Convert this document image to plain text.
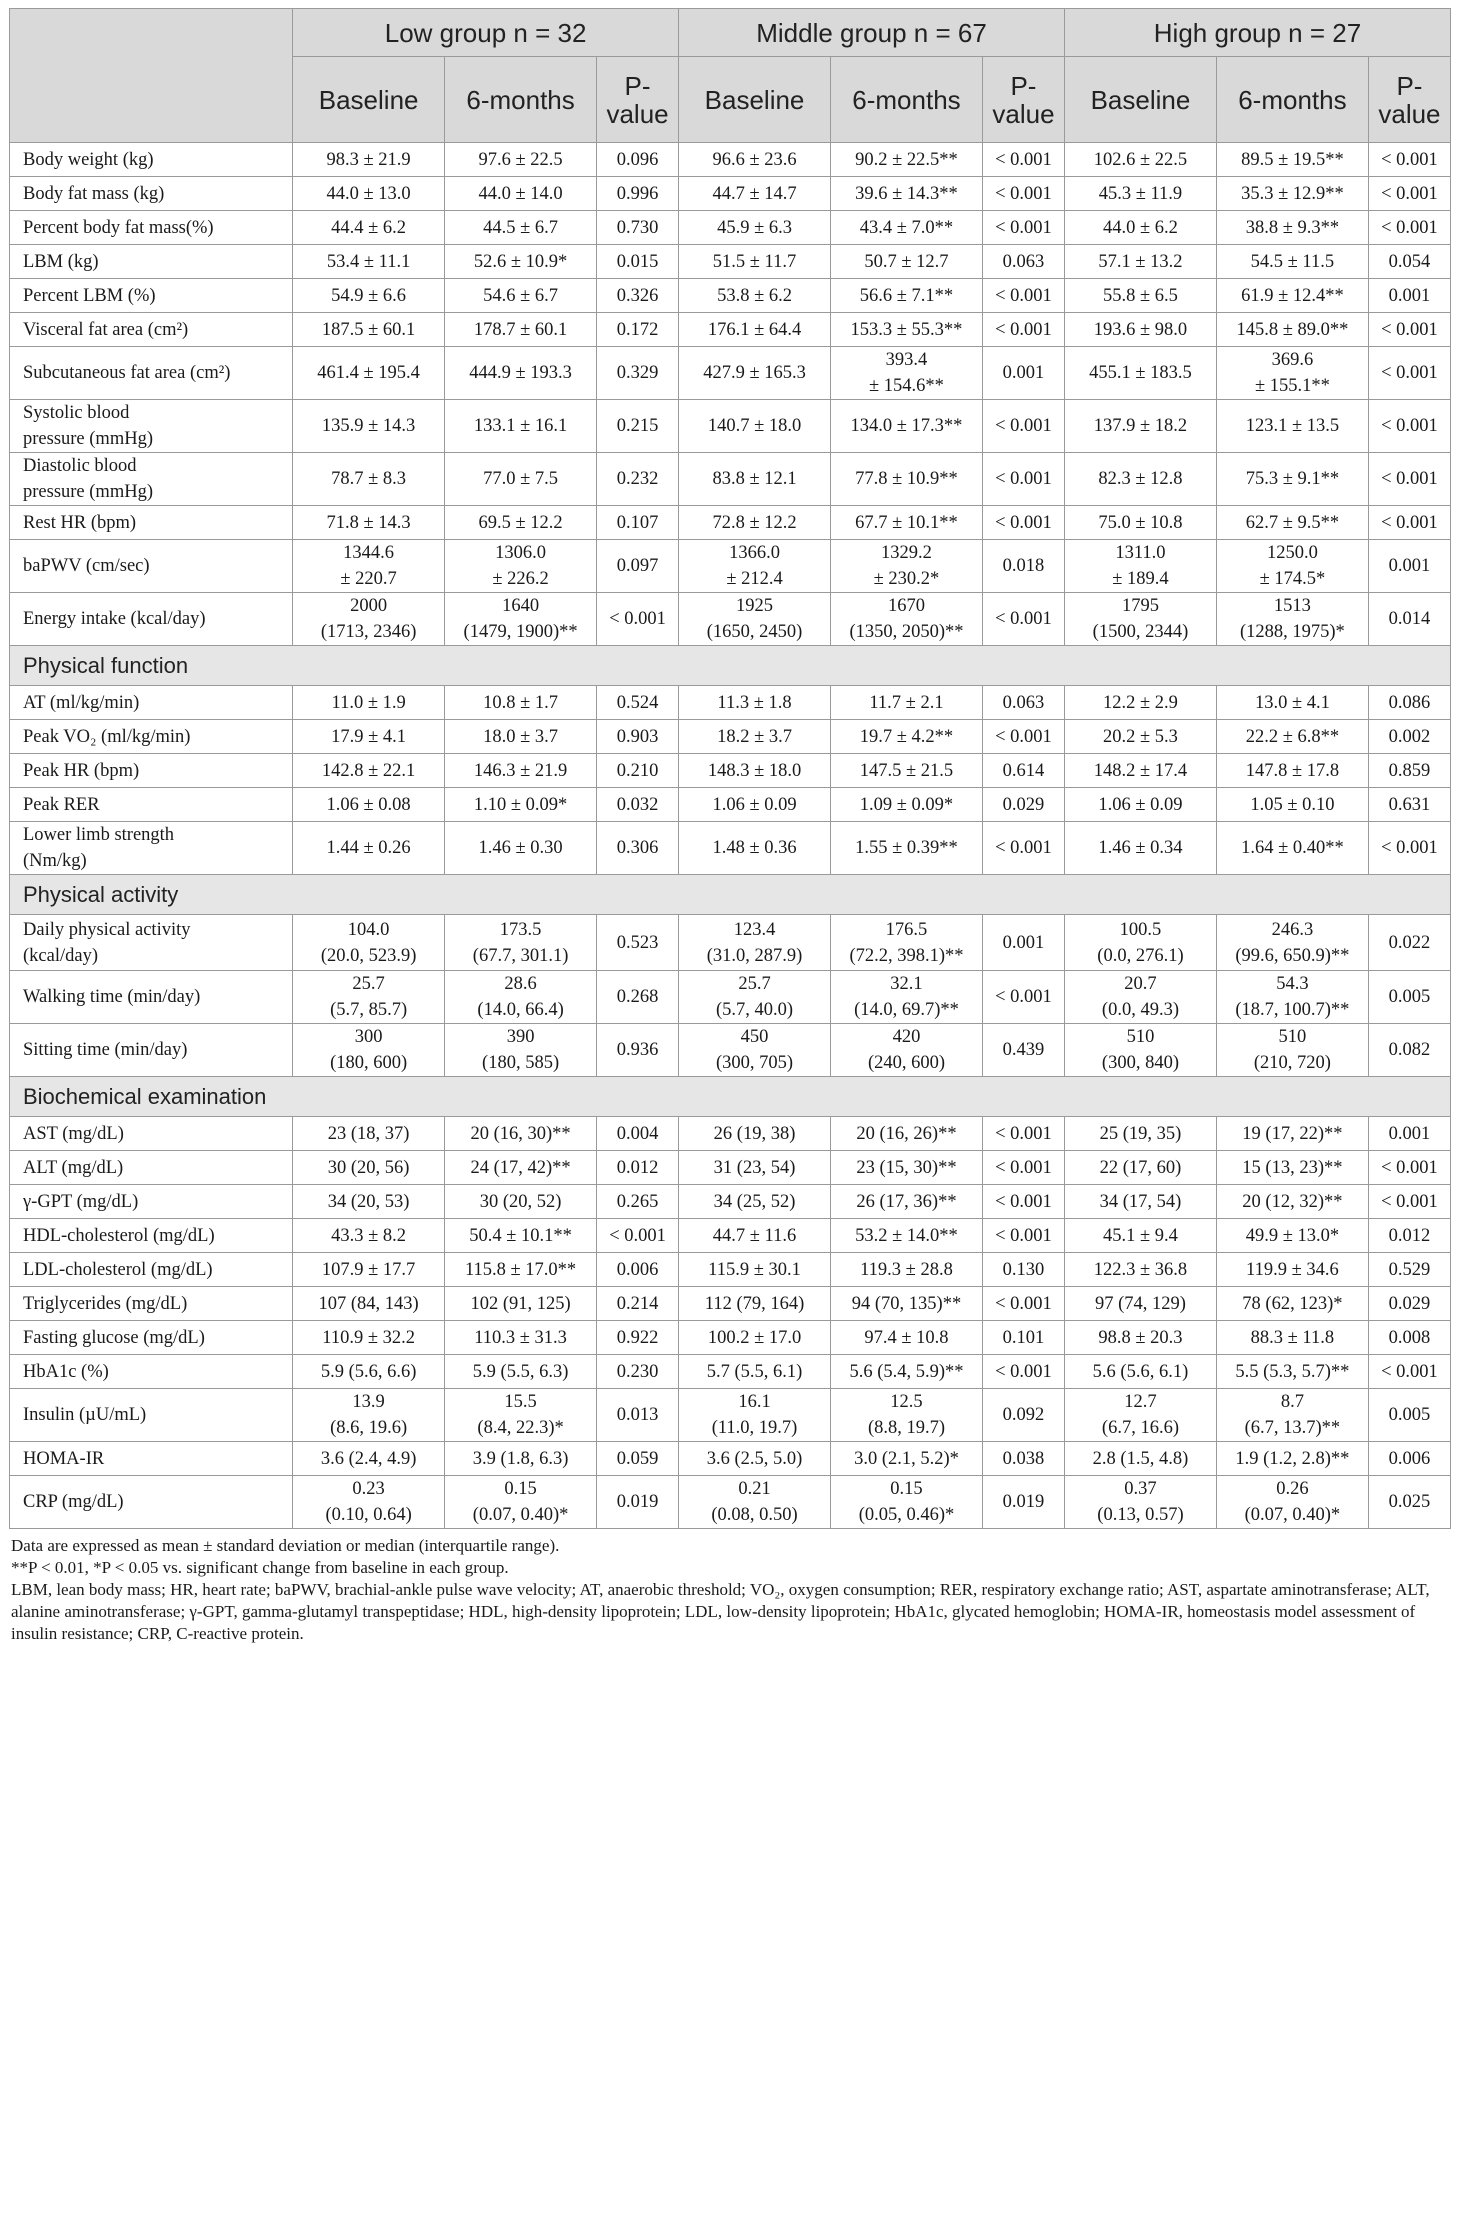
	Low group n = 32			Middle group n = 67			High group n = 27		
	Baseline	6-months	P-value	Baseline	6-months	P-value	Baseline	6-months	P-value
Body weight (kg)	98.3 ± 21.9	97.6 ± 22.5	0.096	96.6 ± 23.6	90.2 ± 22.5**	< 0.001	102.6 ± 22.5	89.5 ± 19.5**	< 0.001
Body fat mass (kg)	44.0 ± 13.0	44.0 ± 14.0	0.996	44.7 ± 14.7	39.6 ± 14.3**	< 0.001	45.3 ± 11.9	35.3 ± 12.9**	< 0.001
Percent body fat mass(%)	44.4 ± 6.2	44.5 ± 6.7	0.730	45.9 ± 6.3	43.4 ± 7.0**	< 0.001	44.0 ± 6.2	38.8 ± 9.3**	< 0.001
LBM (kg)	53.4 ± 11.1	52.6 ± 10.9*	0.015	51.5 ± 11.7	50.7 ± 12.7	0.063	57.1 ± 13.2	54.5 ± 11.5	0.054
Percent LBM (%)	54.9 ± 6.6	54.6 ± 6.7	0.326	53.8 ± 6.2	56.6 ± 7.1**	< 0.001	55.8 ± 6.5	61.9 ± 12.4**	0.001
Visceral fat area (cm²)	187.5 ± 60.1	178.7 ± 60.1	0.172	176.1 ± 64.4	153.3 ± 55.3**	< 0.001	193.6 ± 98.0	145.8 ± 89.0**	< 0.001
Subcutaneous fat area (cm²)	461.4 ± 195.4	444.9 ± 193.3	0.329	427.9 ± 165.3	393.4
± 154.6**	0.001	455.1 ± 183.5	369.6
± 155.1**	< 0.001
Systolic blood
pressure (mmHg)	135.9 ± 14.3	133.1 ± 16.1	0.215	140.7 ± 18.0	134.0 ± 17.3**	< 0.001	137.9 ± 18.2	123.1 ± 13.5	< 0.001
Diastolic blood
pressure (mmHg)	78.7 ± 8.3	77.0 ± 7.5	0.232	83.8 ± 12.1	77.8 ± 10.9**	< 0.001	82.3 ± 12.8	75.3 ± 9.1**	< 0.001
Rest HR (bpm)	71.8 ± 14.3	69.5 ± 12.2	0.107	72.8 ± 12.2	67.7 ± 10.1**	< 0.001	75.0 ± 10.8	62.7 ± 9.5**	< 0.001
baPWV (cm/sec)	1344.6
± 220.7	1306.0
± 226.2	0.097	1366.0
± 212.4	1329.2
± 230.2*	0.018	1311.0
± 189.4	1250.0
± 174.5*	0.001
Energy intake (kcal/day)	2000
(1713, 2346)	1640
(1479, 1900)**	< 0.001	1925
(1650, 2450)	1670
(1350, 2050)**	< 0.001	1795
(1500, 2344)	1513
(1288, 1975)*	0.014
Physical function									
AT (ml/kg/min)	11.0 ± 1.9	10.8 ± 1.7	0.524	11.3 ± 1.8	11.7 ± 2.1	0.063	12.2 ± 2.9	13.0 ± 4.1	0.086
Peak VO₂ (ml/kg/min)	17.9 ± 4.1	18.0 ± 3.7	0.903	18.2 ± 3.7	19.7 ± 4.2**	< 0.001	20.2 ± 5.3	22.2 ± 6.8**	0.002
Peak HR (bpm)	142.8 ± 22.1	146.3 ± 21.9	0.210	148.3 ± 18.0	147.5 ± 21.5	0.614	148.2 ± 17.4	147.8 ± 17.8	0.859
Peak RER	1.06 ± 0.08	1.10 ± 0.09*	0.032	1.06 ± 0.09	1.09 ± 0.09*	0.029	1.06 ± 0.09	1.05 ± 0.10	0.631
Lower limb strength
(Nm/kg)	1.44 ± 0.26	1.46 ± 0.30	0.306	1.48 ± 0.36	1.55 ± 0.39**	< 0.001	1.46 ± 0.34	1.64 ± 0.40**	< 0.001
Physical activity									
Daily physical activity
(kcal/day)	104.0
(20.0, 523.9)	173.5
(67.7, 301.1)	0.523	123.4
(31.0, 287.9)	176.5
(72.2, 398.1)**	0.001	100.5
(0.0, 276.1)	246.3
(99.6, 650.9)**	0.022
Walking time (min/day)	25.7
(5.7, 85.7)	28.6
(14.0, 66.4)	0.268	25.7
(5.7, 40.0)	32.1
(14.0, 69.7)**	< 0.001	20.7
(0.0, 49.3)	54.3
(18.7, 100.7)**	0.005
Sitting time (min/day)	300
(180, 600)	390
(180, 585)	0.936	450
(300, 705)	420
(240, 600)	0.439	510
(300, 840)	510
(210, 720)	0.082
Biochemical examination									
AST (mg/dL)	23 (18, 37)	20 (16, 30)**	0.004	26 (19, 38)	20 (16, 26)**	< 0.001	25 (19, 35)	19 (17, 22)**	0.001
ALT (mg/dL)	30 (20, 56)	24 (17, 42)**	0.012	31 (23, 54)	23 (15, 30)**	< 0.001	22 (17, 60)	15 (13, 23)**	< 0.001
γ-GPT (mg/dL)	34 (20, 53)	30 (20, 52)	0.265	34 (25, 52)	26 (17, 36)**	< 0.001	34 (17, 54)	20 (12, 32)**	< 0.001
HDL-cholesterol (mg/dL)	43.3 ± 8.2	50.4 ± 10.1**	< 0.001	44.7 ± 11.6	53.2 ± 14.0**	< 0.001	45.1 ± 9.4	49.9 ± 13.0*	0.012
LDL-cholesterol (mg/dL)	107.9 ± 17.7	115.8 ± 17.0**	0.006	115.9 ± 30.1	119.3 ± 28.8	0.130	122.3 ± 36.8	119.9 ± 34.6	0.529
Triglycerides (mg/dL)	107 (84, 143)	102 (91, 125)	0.214	112 (79, 164)	94 (70, 135)**	< 0.001	97 (74, 129)	78 (62, 123)*	0.029
Fasting glucose (mg/dL)	110.9 ± 32.2	110.3 ± 31.3	0.922	100.2 ± 17.0	97.4 ± 10.8	0.101	98.8 ± 20.3	88.3 ± 11.8	0.008
HbA1c (%)	5.9 (5.6, 6.6)	5.9 (5.5, 6.3)	0.230	5.7 (5.5, 6.1)	5.6 (5.4, 5.9)**	< 0.001	5.6 (5.6, 6.1)	5.5 (5.3, 5.7)**	< 0.001
Insulin (µU/mL)	13.9
(8.6, 19.6)	15.5
(8.4, 22.3)*	0.013	16.1
(11.0, 19.7)	12.5
(8.8, 19.7)	0.092	12.7
(6.7, 16.6)	8.7
(6.7, 13.7)**	0.005
HOMA-IR	3.6 (2.4, 4.9)	3.9 (1.8, 6.3)	0.059	3.6 (2.5, 5.0)	3.0 (2.1, 5.2)*	0.038	2.8 (1.5, 4.8)	1.9 (1.2, 2.8)**	0.006
CRP (mg/dL)	0.23
(0.10, 0.64)	0.15
(0.07, 0.40)*	0.019	0.21
(0.08, 0.50)	0.15
(0.05, 0.46)*	0.019	0.37
(0.13, 0.57)	0.26
(0.07, 0.40)*	0.025
Data are expressed as mean ± standard deviation or median (interquartile range).
**P < 0.01, *P < 0.05 vs. significant change from baseline in each group.
LBM, lean body mass; HR, heart rate; baPWV, brachial-ankle pulse wave velocity; AT, anaerobic threshold; VO₂, oxygen consumption; RER, respiratory exchange ratio; AST, aspartate aminotransferase; ALT, alanine aminotransferase; γ-GPT, gamma-glutamyl transpeptidase; HDL, high-density lipoprotein; LDL, low-density lipoprotein; HbA1c, glycated hemoglobin; HOMA-IR, homeostasis model assessment of insulin resistance; CRP, C-reactive protein.
